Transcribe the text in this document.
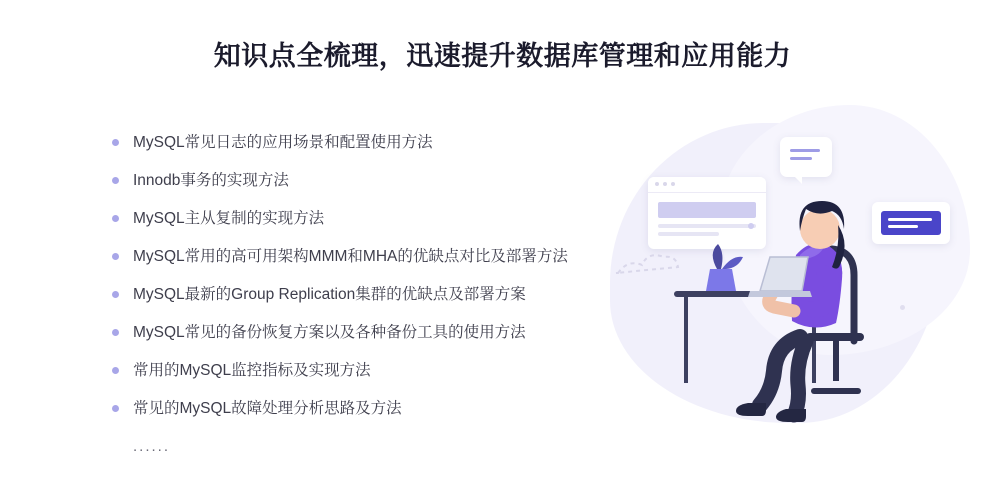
知识点全梳理，迅速提升数据库管理和应用能力
MySQL常见日志的应用场景和配置使用方法
Innodb事务的实现方法
MySQL主从复制的实现方法
MySQL常用的高可用架构MMM和MHA的优缺点对比及部署方法
MySQL最新的Group Replication集群的优缺点及部署方案
MySQL常见的备份恢复方案以及各种备份工具的使用方法
常用的MySQL监控指标及实现方法
常见的MySQL故障处理分析思路及方法
......
